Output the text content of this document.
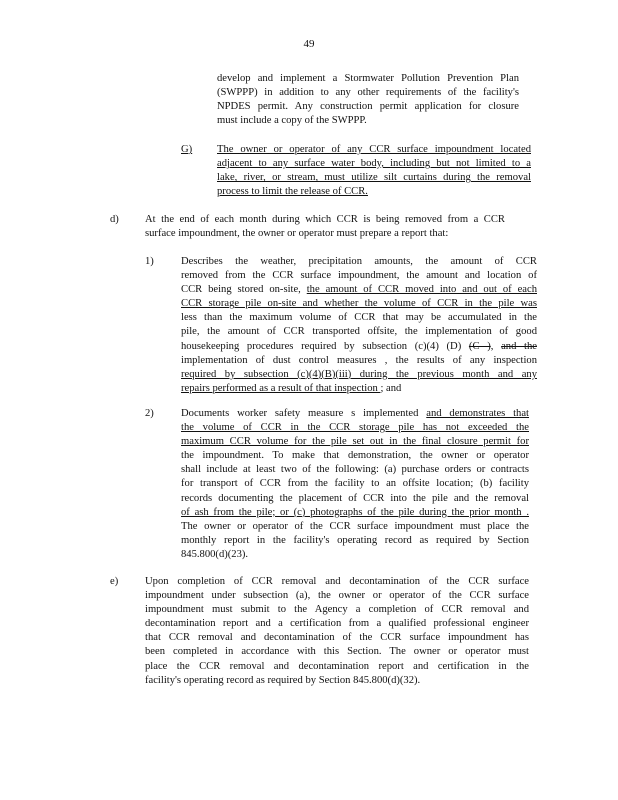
49
develop and implement a Stormwater Pollution Prevention Plan
(SWPPP) in addition to any other requirements of the facility's
NPDES permit. Any construction permit application for closure
must include a copy of the SWPPP.
G) The owner or operator of any CCR surface impoundment located
adjacent to any surface water body, including but not limited to a
lake, river, or stream, must utilize silt curtains during the removal
process to limit the release of CCR.
d) At the end of each month during which CCR is being removed from a CCR
surface impoundment, the owner or operator must prepare a report that:
1)	Describes the weather, precipitation amounts, the amount of CCR
removed from the CCR surface impoundment, the amount and location of
CCR being stored on-site, the amount of CCR moved into and out of each
CCR storage pile on-site and whether the volume of CCR in the pile was
less than the maximum volume of CCR that may be accumulated in the
pile, the amount of CCR transported offsite, the implementation of good
housekeeping procedures required by subsection (c)(4) (D) (C ), and the
implementation of dust control measures , the results of any inspection
required by subsection (c)(4)(B)(iii) during the previous month and any
repairs performed as a result of that inspection ; and
2)	Documents worker safety measure s implemented and demonstrates that
the volume of CCR in the CCR storage pile has not exceeded the
maximum CCR volume for the pile set out in the final closure permit for
the impoundment. To make that demonstration, the owner or operator
shall include at least two of the following: (a) purchase orders or contracts
for transport of CCR from the facility to an offsite location; (b) facility
records documenting the placement of CCR into the pile and the removal
of ash from the pile; or (c) photographs of the pile during the prior month .
The owner or operator of the CCR surface impoundment must place the
monthly report in the facility's operating record as required by Section
845.800(d)(23).
e)	Upon completion of CCR removal and decontamination of the CCR surface
impoundment under subsection (a), the owner or operator of the CCR surface
impoundment must submit to the Agency a completion of CCR removal and
decontamination report and a certification from a qualified professional engineer
that CCR removal and decontamination of the CCR surface impoundment has
been completed in accordance with this Section. The owner or operator must
place the CCR removal and decontamination report and certification in the
facility's operating record as required by Section 845.800(d)(32).
